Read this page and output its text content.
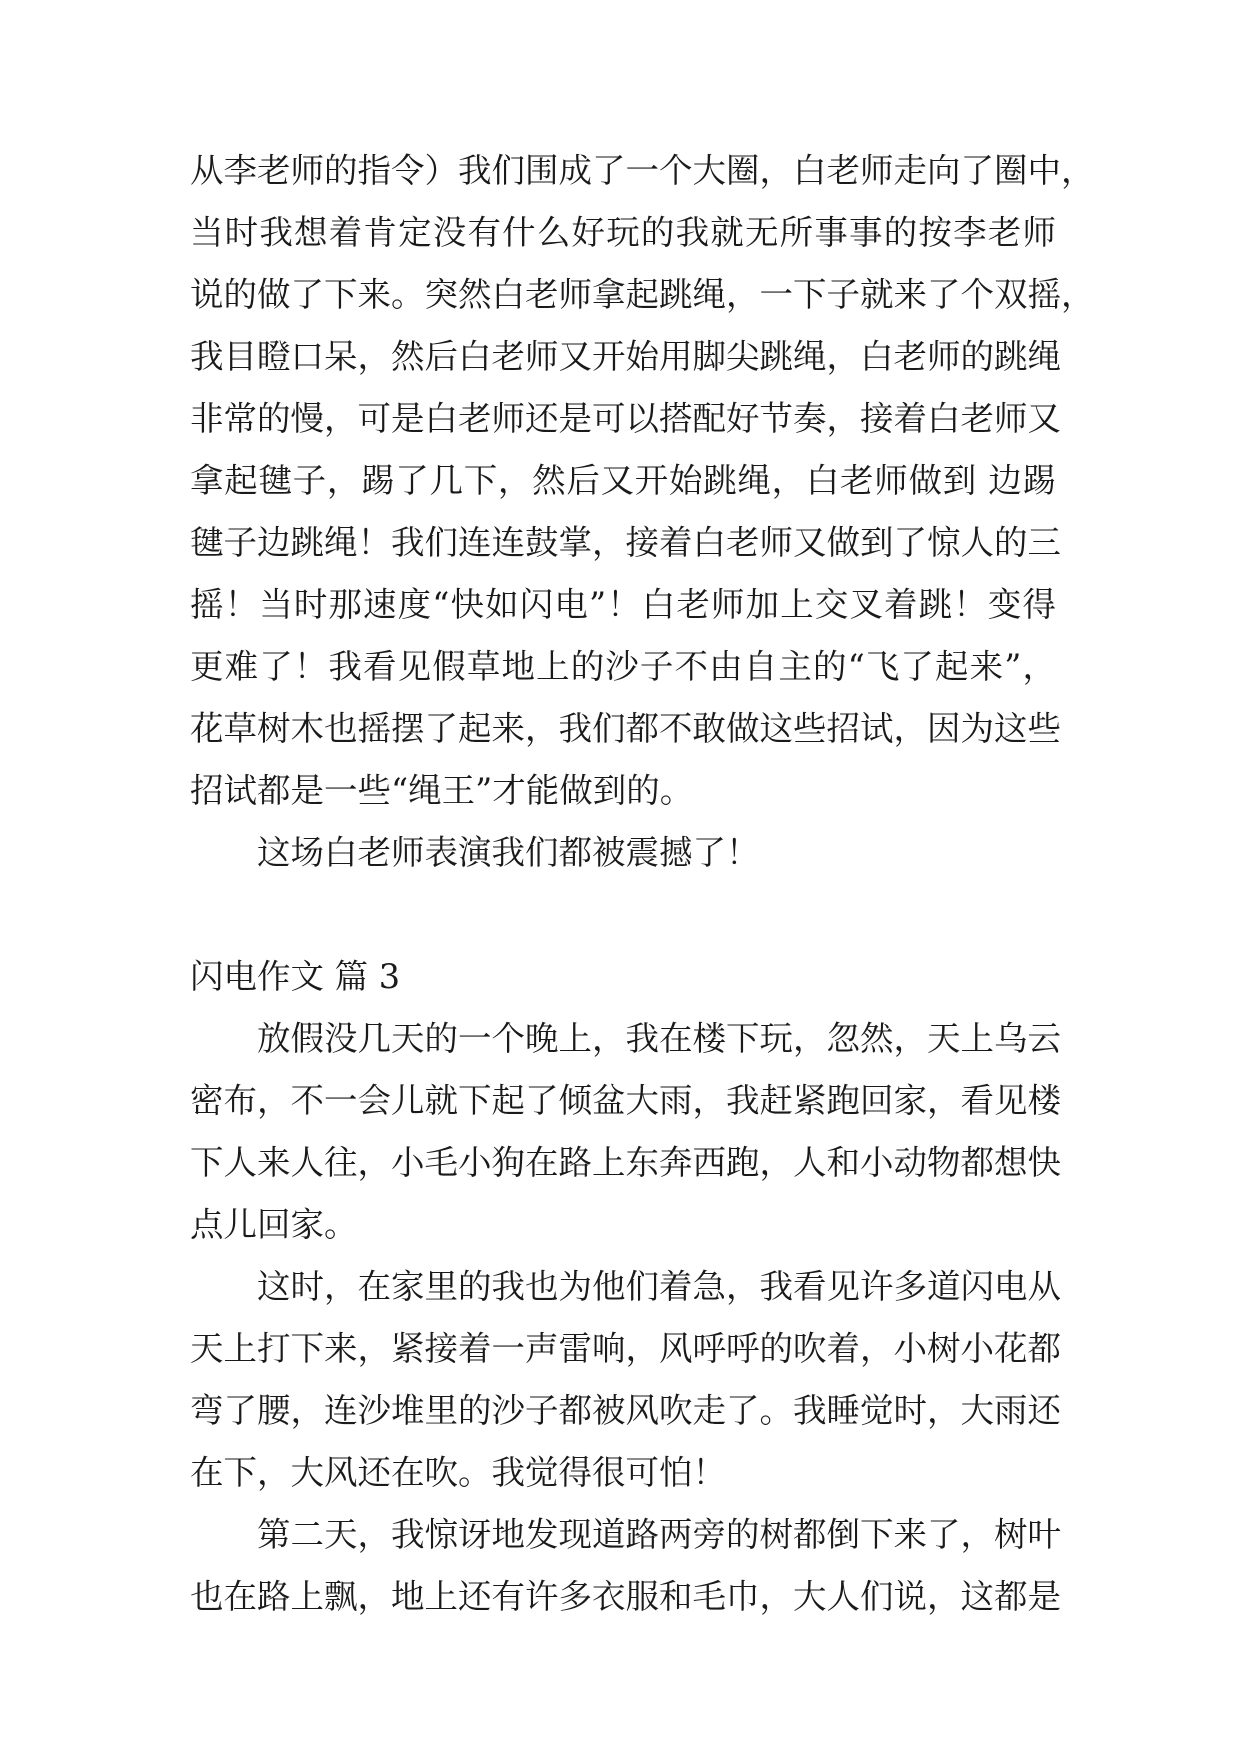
从李老师的指令）我们围成了一个大圈，白老师走向了圈中，
当时我想着肯定没有什么好玩的我就无所事事的按李老师
说的做了下来。突然白老师拿起跳绳，一下子就来了个双摇，
我目瞪口呆，然后白老师又开始用脚尖跳绳，白老师的跳绳
非常的慢，可是白老师还是可以搭配好节奏，接着白老师又
拿起毽子，踢了几下，然后又开始跳绳，白老师做到 边踢
毽子边跳绳！我们连连鼓掌，接着白老师又做到了惊人的三
摇！当时那速度“快如闪电”！白老师加上交叉着跳！变得
更难了！我看见假草地上的沙子不由自主的“飞了起来”，
花草树木也摇摆了起来，我们都不敢做这些招试，因为这些
招试都是一些“绳王”才能做到的。
这场白老师表演我们都被震撼了！
闪电作文 篇 3
放假没几天的一个晚上，我在楼下玩，忽然，天上乌云
密布，不一会儿就下起了倾盆大雨，我赶紧跑回家，看见楼
下人来人往，小毛小狗在路上东奔西跑，人和小动物都想快
点儿回家。
这时，在家里的我也为他们着急，我看见许多道闪电从
天上打下来，紧接着一声雷响，风呼呼的吹着，小树小花都
弯了腰，连沙堆里的沙子都被风吹走了。我睡觉时，大雨还
在下，大风还在吹。我觉得很可怕！
第二天，我惊讶地发现道路两旁的树都倒下来了，树叶
也在路上飘，地上还有许多衣服和毛巾，大人们说，这都是
